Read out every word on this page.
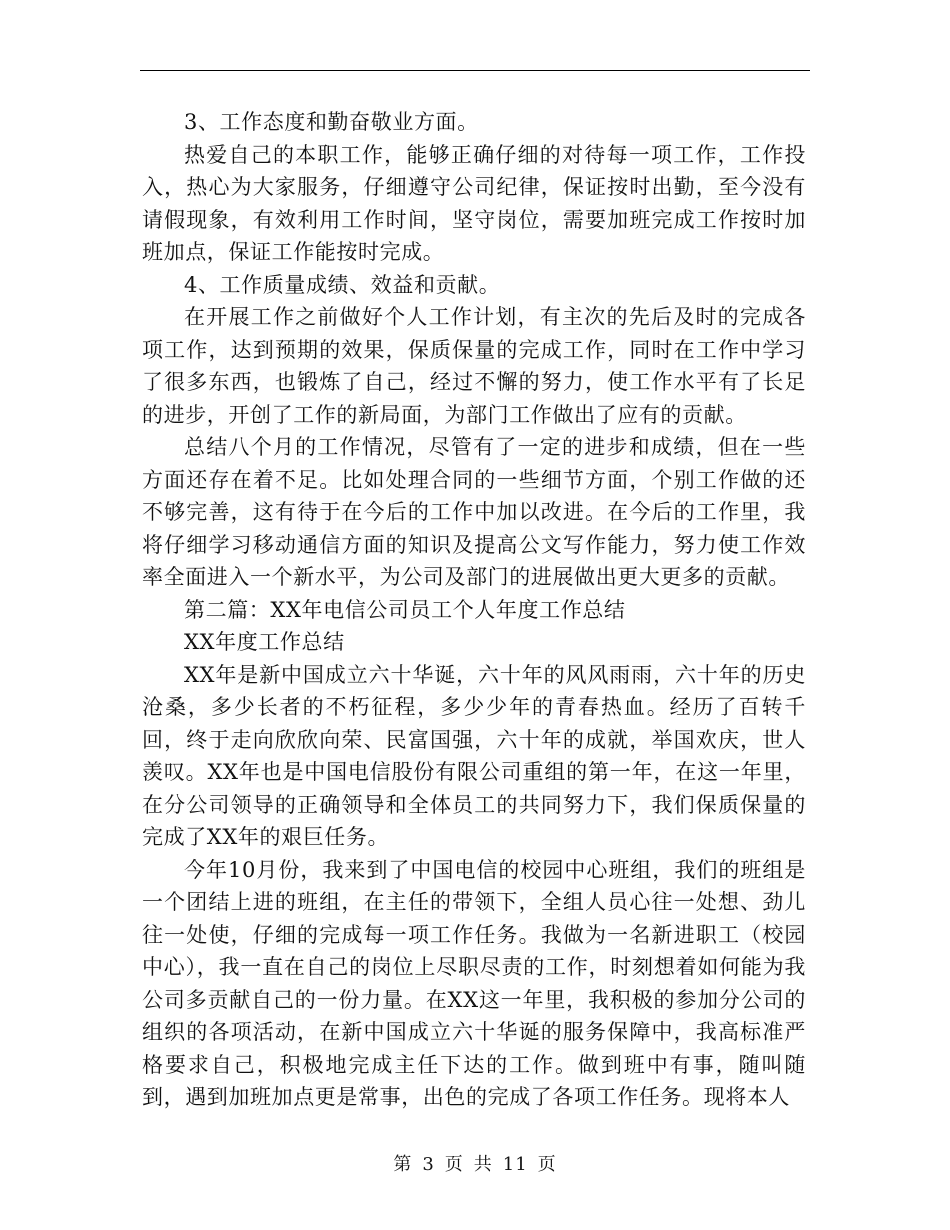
3、工作态度和勤奋敬业方面。

热爱自己的本职工作，能够正确仔细的对待每一项工作，工作投入，热心为大家服务，仔细遵守公司纪律，保证按时出勤，至今没有请假现象，有效利用工作时间，坚守岗位，需要加班完成工作按时加班加点，保证工作能按时完成。

4、工作质量成绩、效益和贡献。

在开展工作之前做好个人工作计划，有主次的先后及时的完成各项工作，达到预期的效果，保质保量的完成工作，同时在工作中学习了很多东西，也锻炼了自己，经过不懈的努力，使工作水平有了长足的进步，开创了工作的新局面，为部门工作做出了应有的贡献。

总结八个月的工作情况，尽管有了一定的进步和成绩，但在一些方面还存在着不足。比如处理合同的一些细节方面，个别工作做的还不够完善，这有待于在今后的工作中加以改进。在今后的工作里，我将仔细学习移动通信方面的知识及提高公文写作能力，努力使工作效率全面进入一个新水平，为公司及部门的进展做出更大更多的贡献。

第二篇：XX年电信公司员工个人年度工作总结

XX年度工作总结

XX年是新中国成立六十华诞，六十年的风风雨雨，六十年的历史沧桑，多少长者的不朽征程，多少少年的青春热血。经历了百转千回，终于走向欣欣向荣、民富国强，六十年的成就，举国欢庆，世人羡叹。XX年也是中国电信股份有限公司重组的第一年，在这一年里，在分公司领导的正确领导和全体员工的共同努力下，我们保质保量的完成了XX年的艰巨任务。

今年10月份，我来到了中国电信的校园中心班组，我们的班组是一个团结上进的班组，在主任的带领下，全组人员心往一处想、劲儿往一处使，仔细的完成每一项工作任务。我做为一名新进职工（校园中心），我一直在自己的岗位上尽职尽责的工作，时刻想着如何能为我公司多贡献自己的一份力量。在XX这一年里，我积极的参加分公司的组织的各项活动，在新中国成立六十华诞的服务保障中，我高标准严格要求自己，积极地完成主任下达的工作。做到班中有事，随叫随到，遇到加班加点更是常事，出色的完成了各项工作任务。现将本人

第 3 页 共 11 页
